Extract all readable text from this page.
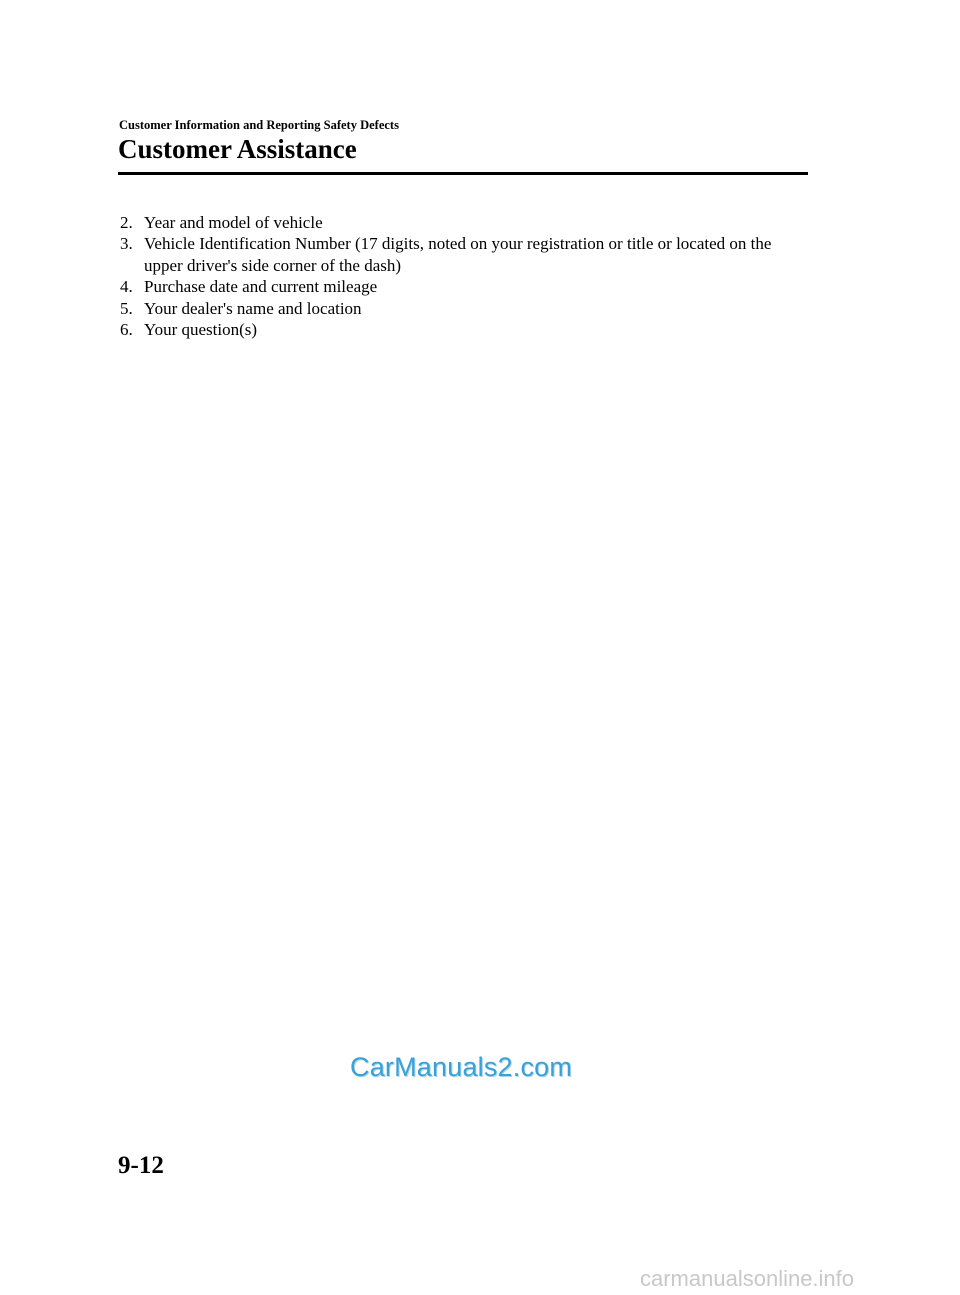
Customer Information and Reporting Safety Defects
Customer Assistance
2. Year and model of vehicle
3. Vehicle Identification Number (17 digits, noted on your registration or title or located on the upper driver's side corner of the dash)
4. Purchase date and current mileage
5. Your dealer's name and location
6. Your question(s)
CarManuals2.com
9-12
carmanualsonline.info
